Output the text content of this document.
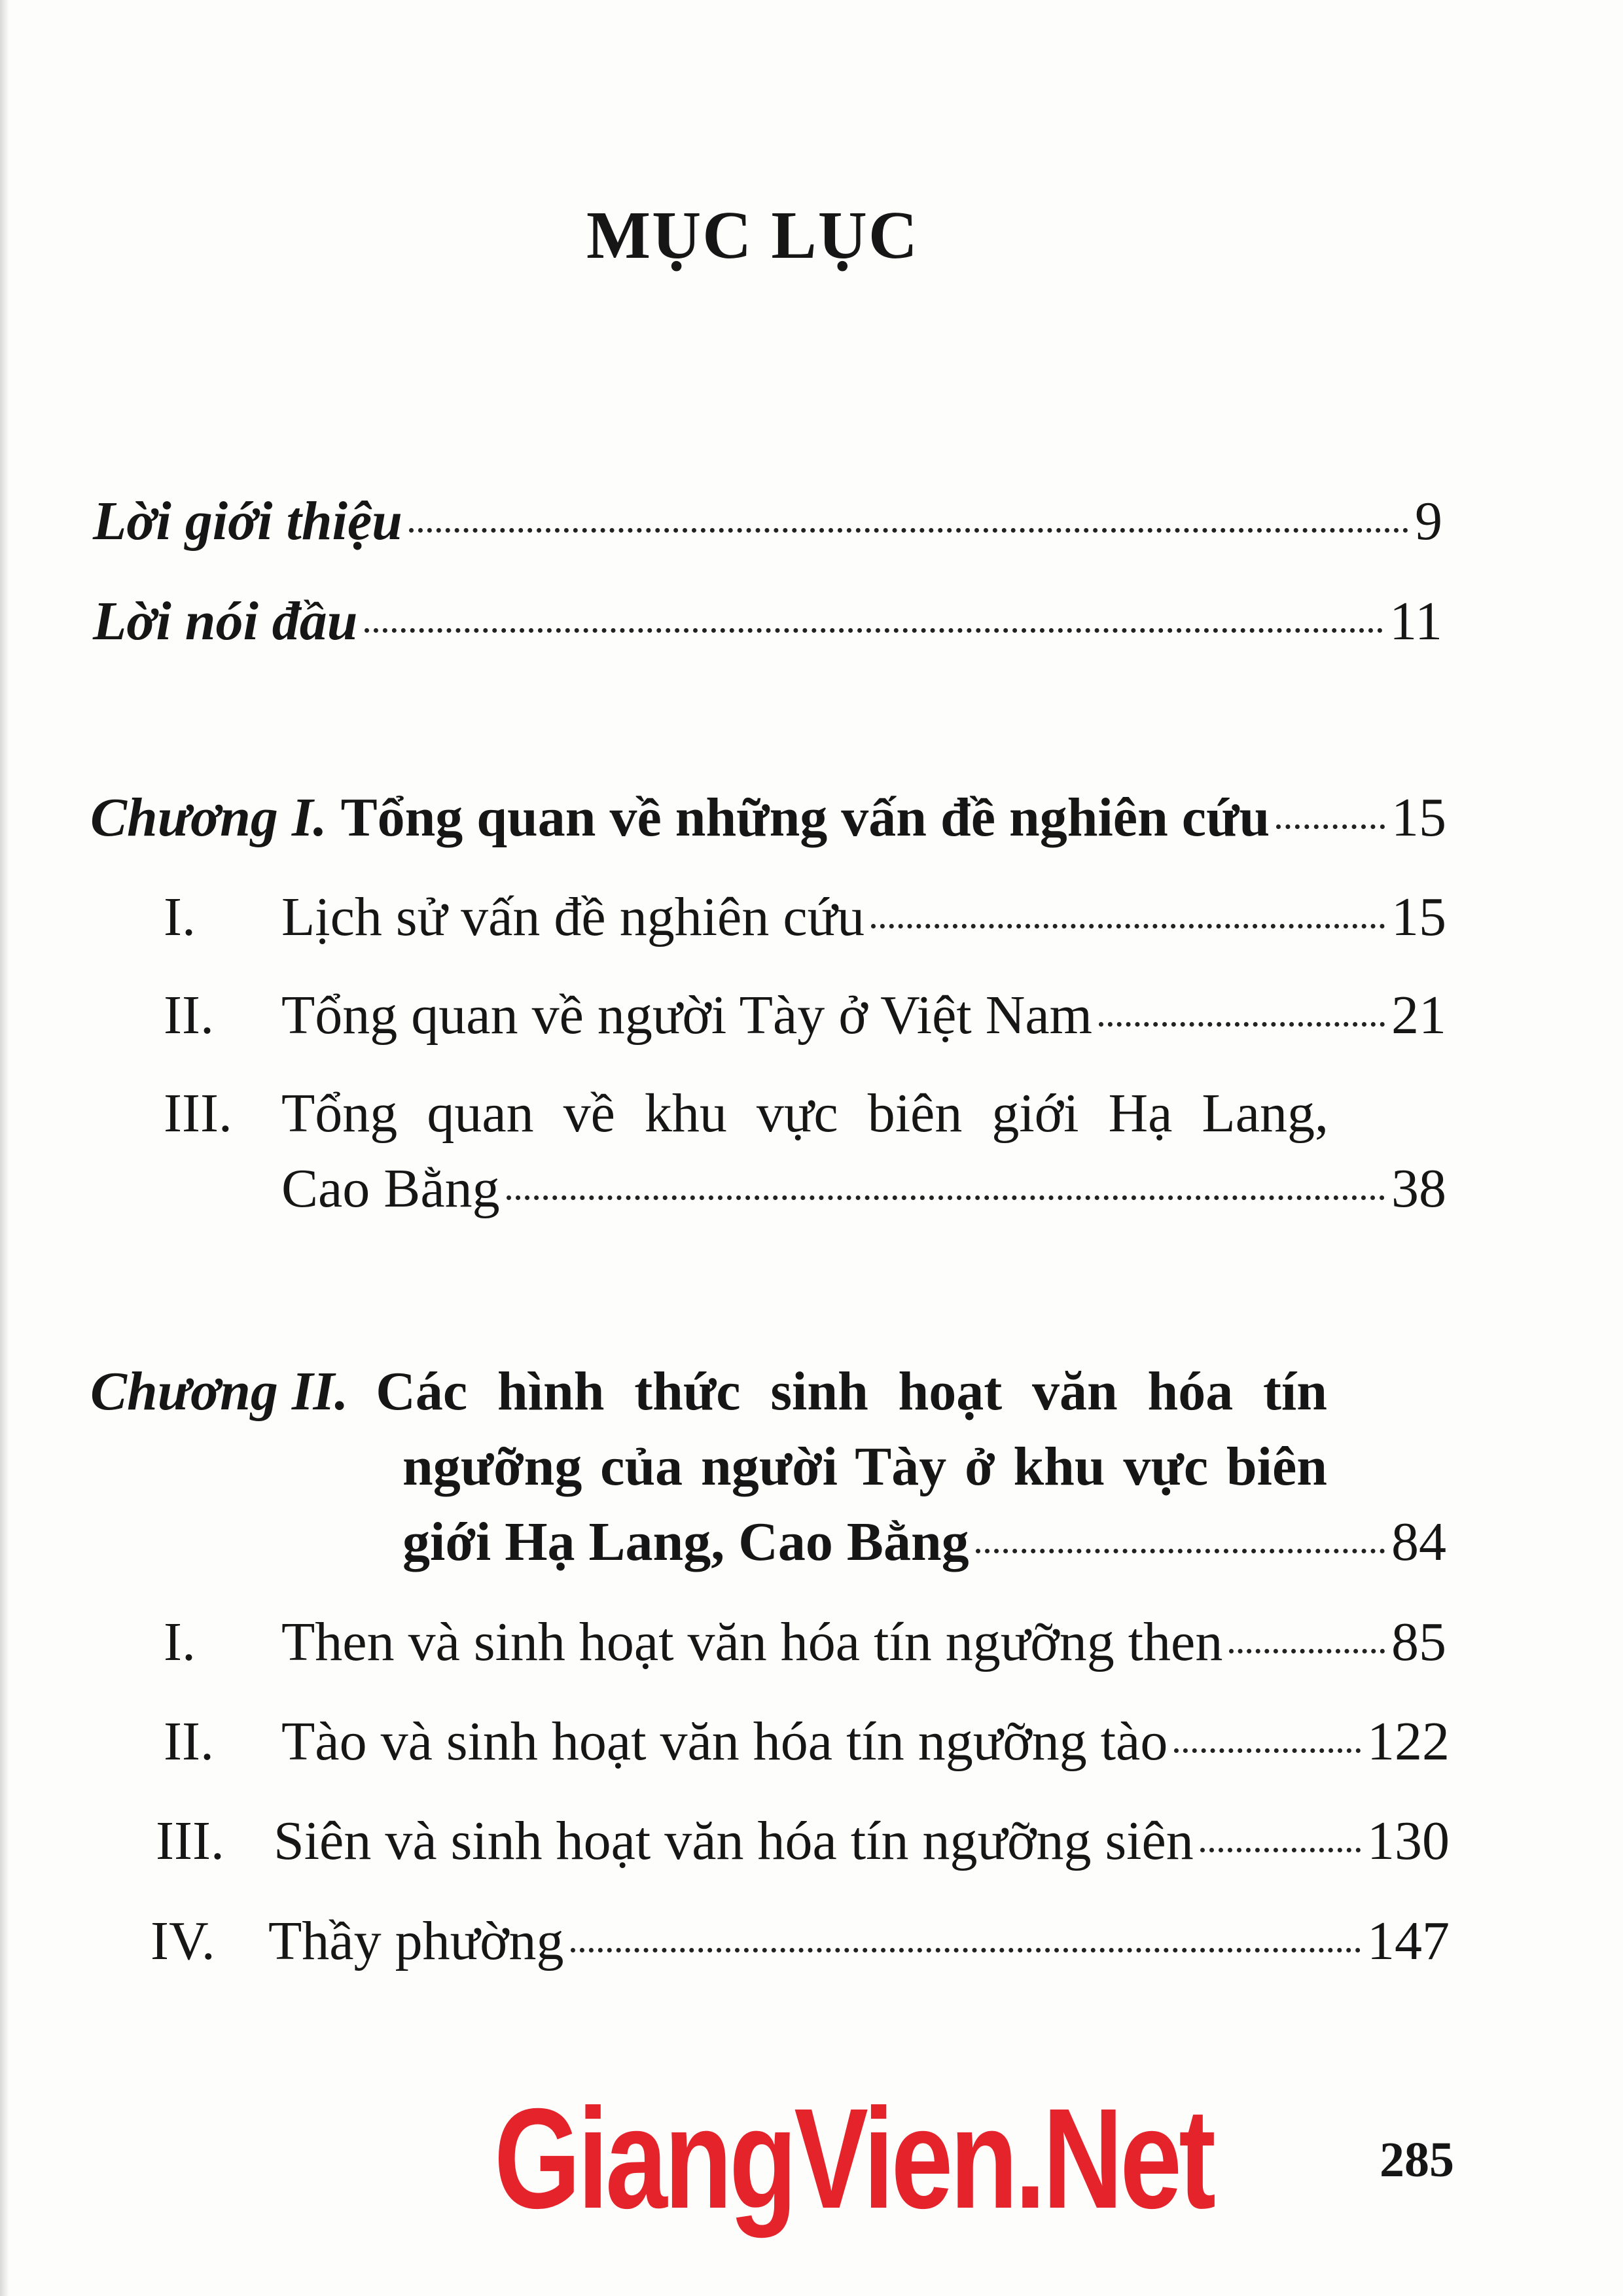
MỤC LỤC
Lời giới thiệu	9
Lời nói đầu	11
Chương I. Tổng quan về những vấn đề nghiên cứu 15
I.	Lịch sử vấn đề nghiên cứu	15
II.	Tổng quan về người Tày ở Việt Nam	21
III. Tổng quan về khu vực biên giới Hạ Lang,
Cao Bằng	38
Chương II. Các hình thức sinh hoạt văn hóa tín
ngưỡng của người Tày ở khu vực biên
giới Hạ Lang, Cao Bằng	84
I.	Then và sinh hoạt văn hóa tín ngưỡng then	85
II.	Tào và sinh hoạt văn hóa tín ngưỡng tào	122
III. Siên và sinh hoạt văn hóa tín ngưỡng siên	130
IV. Thầy phường	147
GiangVien.Net	285
